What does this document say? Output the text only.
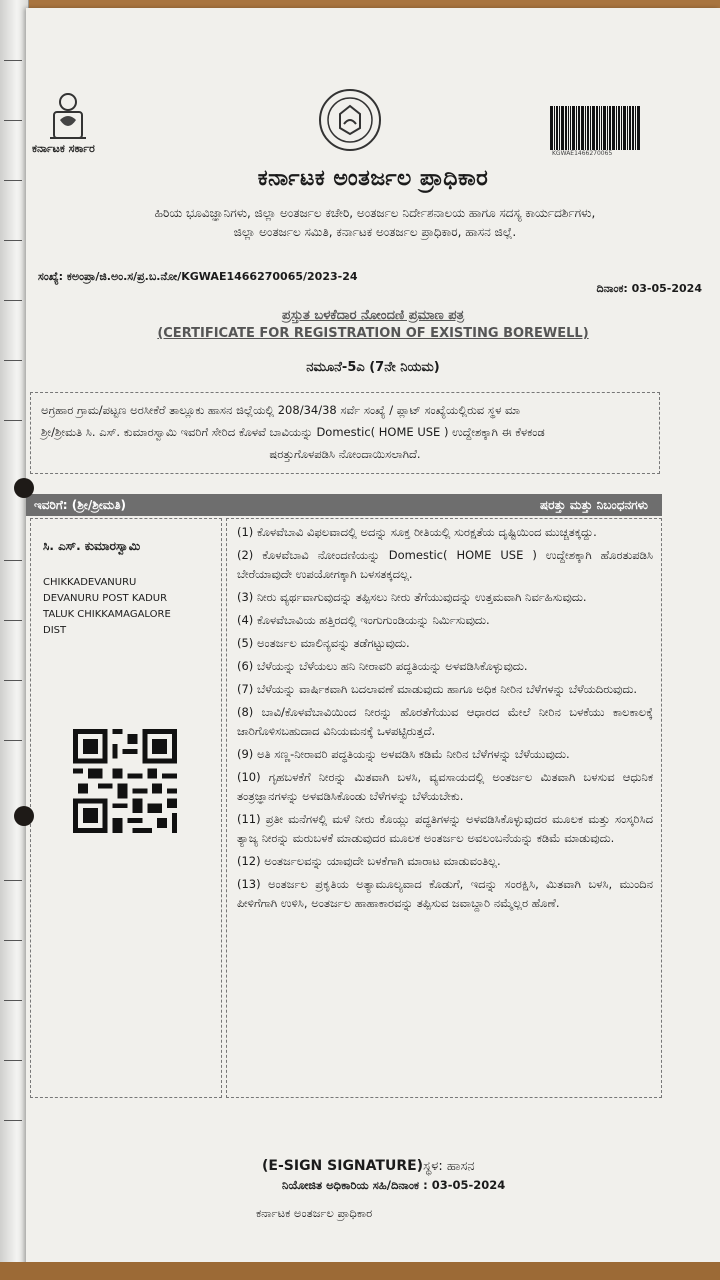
ಕರ್ನಾಟಕ ಸರ್ಕಾರ	KGWAE1466270065
ಕರ್ನಾಟಕ ಅಂತರ್ಜಲ ಪ್ರಾಧಿಕಾರ
ಹಿರಿಯ ಭೂವಿಜ್ಞಾನಿಗಳು, ಜಿಲ್ಲಾ ಅಂತರ್ಜಲ ಕಚೇರಿ, ಅಂತರ್ಜಲ ನಿರ್ದೇಶನಾಲಯ ಹಾಗೂ ಸದಸ್ಯ ಕಾರ್ಯದರ್ಶಿಗಳು,
ಜಿಲ್ಲಾ ಅಂತರ್ಜಲ ಸಮಿತಿ, ಕರ್ನಾಟಕ ಅಂತರ್ಜಲ ಪ್ರಾಧಿಕಾರ, ಹಾಸನ ಜಿಲ್ಲೆ.
ಸಂಖ್ಯೆ: ಕಅಂಪ್ರಾ/ಜಿ.ಅಂ.ಸ/ಪ್ರ.ಬ.ನೋ/KGWAE1466270065/2023-24
ದಿನಾಂಕ: 03-05-2024
ಪ್ರಸ್ತುತ ಬಳಕೆದಾರ ನೋಂದಣಿ ಪ್ರಮಾಣ ಪತ್ರ
(CERTIFICATE FOR REGISTRATION OF EXISTING BOREWELL)
ನಮೂನೆ-5ಎ (7ನೇ ನಿಯಮ)
ಅಗ್ರಹಾರ ಗ್ರಾಮ/ಪಟ್ಟಣ ಅರಸೀಕೆರೆ ತಾಲ್ಲೂಕು ಹಾಸನ ಜಿಲ್ಲೆಯಲ್ಲಿ 208/34/38 ಸರ್ವೆ ಸಂಖ್ಯೆ / ಪ್ಲಾಟ್ ಸಂಖ್ಯೆಯಲ್ಲಿರುವ ಸ್ಥಳ ಮಾ
ಶ್ರೀ/ಶ್ರೀಮತಿ ಸಿ. ಎಸ್. ಕುಮಾರಸ್ವಾಮಿ ಇವರಿಗೆ ಸೇರಿದ ಕೊಳವೆ ಬಾವಿಯನ್ನು Domestic( HOME USE ) ಉದ್ದೇಶಕ್ಕಾಗಿ ಈ ಕೆಳಕಂಡ
ಷರತ್ತುಗೊಳಪಡಿಸಿ ನೋಂದಾಯಿಸಲಾಗಿದೆ.
ಇವರಿಗೆ: (ಶ್ರೀ/ಶ್ರೀಮತಿ)	ಷರತ್ತು ಮತ್ತು ನಿಬಂಧನಗಳು
ಸಿ. ಎಸ್. ಕುಮಾರಸ್ವಾಮಿ
CHIKKADEVANURU
DEVANURU POST KADUR
TALUK CHIKKAMAGALORE
DIST

(1) ಕೊಳವೆಬಾವಿ ವಿಫಲವಾದಲ್ಲಿ ಅದನ್ನು ಸೂಕ್ತ ರೀತಿಯಲ್ಲಿ ಸುರಕ್ಷತೆಯ ದೃಷ್ಟಿಯಿಂದ ಮುಚ್ಚತಕ್ಕದ್ದು.

(2) ಕೊಳವೆಬಾವಿ ನೋಂದಣಿಯನ್ನು Domestic( HOME USE ) ಉದ್ದೇಶಕ್ಕಾಗಿ ಹೊರತುಪಡಿಸಿ ಬೇರೆಯಾವುದೇ ಉಪಯೋಗಕ್ಕಾಗಿ ಬಳಸತಕ್ಕದಲ್ಲ.

(3) ನೀರು ವ್ಯರ್ಥವಾಗುವುದನ್ನು ತಪ್ಪಿಸಲು ನೀರು ತೆಗೆಯುವುದನ್ನು ಉತ್ತಮವಾಗಿ ನಿರ್ವಹಿಸುವುದು.

(4) ಕೊಳವೆಬಾವಿಯ ಹತ್ತಿರದಲ್ಲಿ ಇಂಗುಗುಂಡಿಯನ್ನು ನಿರ್ಮಿಸುವುದು.

(5) ಅಂತರ್ಜಲ ಮಾಲಿನ್ಯವನ್ನು ತಡೆಗಟ್ಟುವುದು.

(6) ಬೆಳೆಯನ್ನು ಬೆಳೆಯಲು ಹನಿ ನೀರಾವರಿ ಪದ್ಧತಿಯನ್ನು ಅಳವಡಿಸಿಕೊಳ್ಳುವುದು.

(7) ಬೆಳೆಯನ್ನು ವಾರ್ಷಿಕವಾಗಿ ಬದಲಾವಣೆ ಮಾಡುವುದು ಹಾಗೂ ಅಧಿಕ ನೀರಿನ ಬೆಳೆಗಳನ್ನು ಬೆಳೆಯದಿರುವುದು.

(8) ಬಾವಿ/ಕೊಳವೆಬಾವಿಯಿಂದ ನೀರನ್ನು ಹೊರತೆಗೆಯುವ ಆಧಾರದ ಮೇಲೆ ನೀರಿನ ಬಳಕೆಯು ಕಾಲಕಾಲಕ್ಕೆ ಜಾರಿಗೊಳಿಸಬಹುದಾದ ವಿನಿಯಮನಕ್ಕೆ ಒಳಪಟ್ಟಿರುತ್ತದೆ.

(9) ಅತಿ ಸಣ್ಣ-ನೀರಾವರಿ ಪದ್ಧತಿಯನ್ನು ಅಳವಡಿಸಿ ಕಡಿಮೆ ನೀರಿನ ಬೆಳೆಗಳನ್ನು ಬೆಳೆಯುವುದು.

(10) ಗೃಹಬಳಕೆಗೆ ನೀರನ್ನು ಮಿತವಾಗಿ ಬಳಸಿ, ವ್ಯವಸಾಯದಲ್ಲಿ ಅಂತರ್ಜಲ ಮಿತವಾಗಿ ಬಳಸುವ ಆಧುನಿಕ ತಂತ್ರಜ್ಞಾನಗಳನ್ನು ಅಳವಡಿಸಿಕೊಂಡು ಬೆಳೆಗಳನ್ನು ಬೆಳೆಯಬೇಕು.

(11) ಪ್ರತೀ ಮನೆಗಳಲ್ಲಿ ಮಳೆ ನೀರು ಕೊಯ್ಲು ಪದ್ಧತಿಗಳನ್ನು ಅಳವಡಿಸಿಕೊಳ್ಳುವುದರ ಮೂಲಕ ಮತ್ತು ಸಂಸ್ಕರಿಸಿದ ತ್ಯಾಜ್ಯ ನೀರನ್ನು ಮರುಬಳಕೆ ಮಾಡುವುದರ ಮೂಲಕ ಅಂತರ್ಜಲ ಅವಲಂಬನೆಯನ್ನು ಕಡಿಮೆ ಮಾಡುವುದು.

(12) ಅಂತರ್ಜಲವನ್ನು ಯಾವುದೇ ಬಳಕೆಗಾಗಿ ಮಾರಾಟ ಮಾಡುವಂತಿಲ್ಲ.

(13) ಅಂತರ್ಜಲ ಪ್ರಕೃತಿಯ ಅತ್ಯಾಮೂಲ್ಯವಾದ ಕೊಡುಗೆ, ಇದನ್ನು ಸಂರಕ್ಷಿಸಿ, ಮಿತವಾಗಿ ಬಳಸಿ, ಮುಂದಿನ ಪೀಳಿಗೆಗಾಗಿ ಉಳಿಸಿ, ಅಂತರ್ಜಲ ಹಾಹಾಕಾರವನ್ನು ತಪ್ಪಿಸುವ ಜವಾಬ್ದಾರಿ ನಮ್ಮೆಲ್ಲರ ಹೊಣೆ.

(E-SIGN SIGNATURE)ಸ್ಥಳ: ಹಾಸನ
ನಿಯೋಜಿತ ಅಧಿಕಾರಿಯ ಸಹಿ/ದಿನಾಂಕ : 03-05-2024
ಕರ್ನಾಟಕ ಅಂತರ್ಜಲ ಪ್ರಾಧಿಕಾರ
